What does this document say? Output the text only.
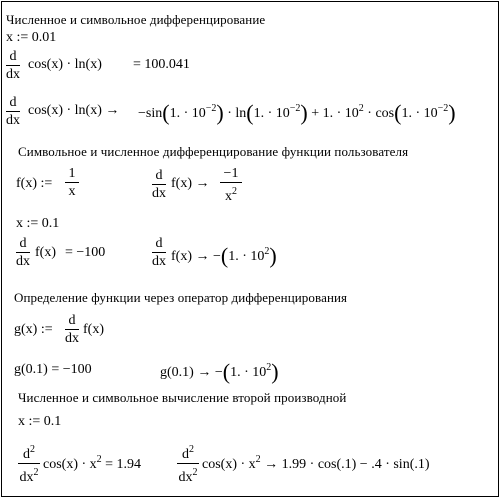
Численное и символьное дифференцирование
x := 0.01
d
dx
cos(x) · ln(x) = 100.041
d
dx
cos(x) · ln(x) → −sin(1. · $10^{-2}) \cdot \ln(1$. · $10^{-2}) + 1$. · $10^2 \cdot \cos(1$. · $10^{-2}$)
Символьное и численное дифференцирование функции пользователя
f(x) :=
1
x
d
dx
f(x) →
−1
$x^2$
x := 0.1
d
dx
f(x) = −100
d
dx f(x) → −(1. · $10^2$)
Определение функции через оператор дифференцирования
g(x) :=
d
dx
f(x)
g(0.1) = −100	g(0.1) → −(1. · $10^2$)
Численное и символьное вычисление второй производной
x := 0.1
$d^2$
$dx^2$
$\cos(x) \cdot x^2 = 1.94$
$d^2$
$dx^2$
$\cos(x) \cdot x^2 \to 1.99 \cdot \cos(.1) - .4 \cdot \sin(.1)$
